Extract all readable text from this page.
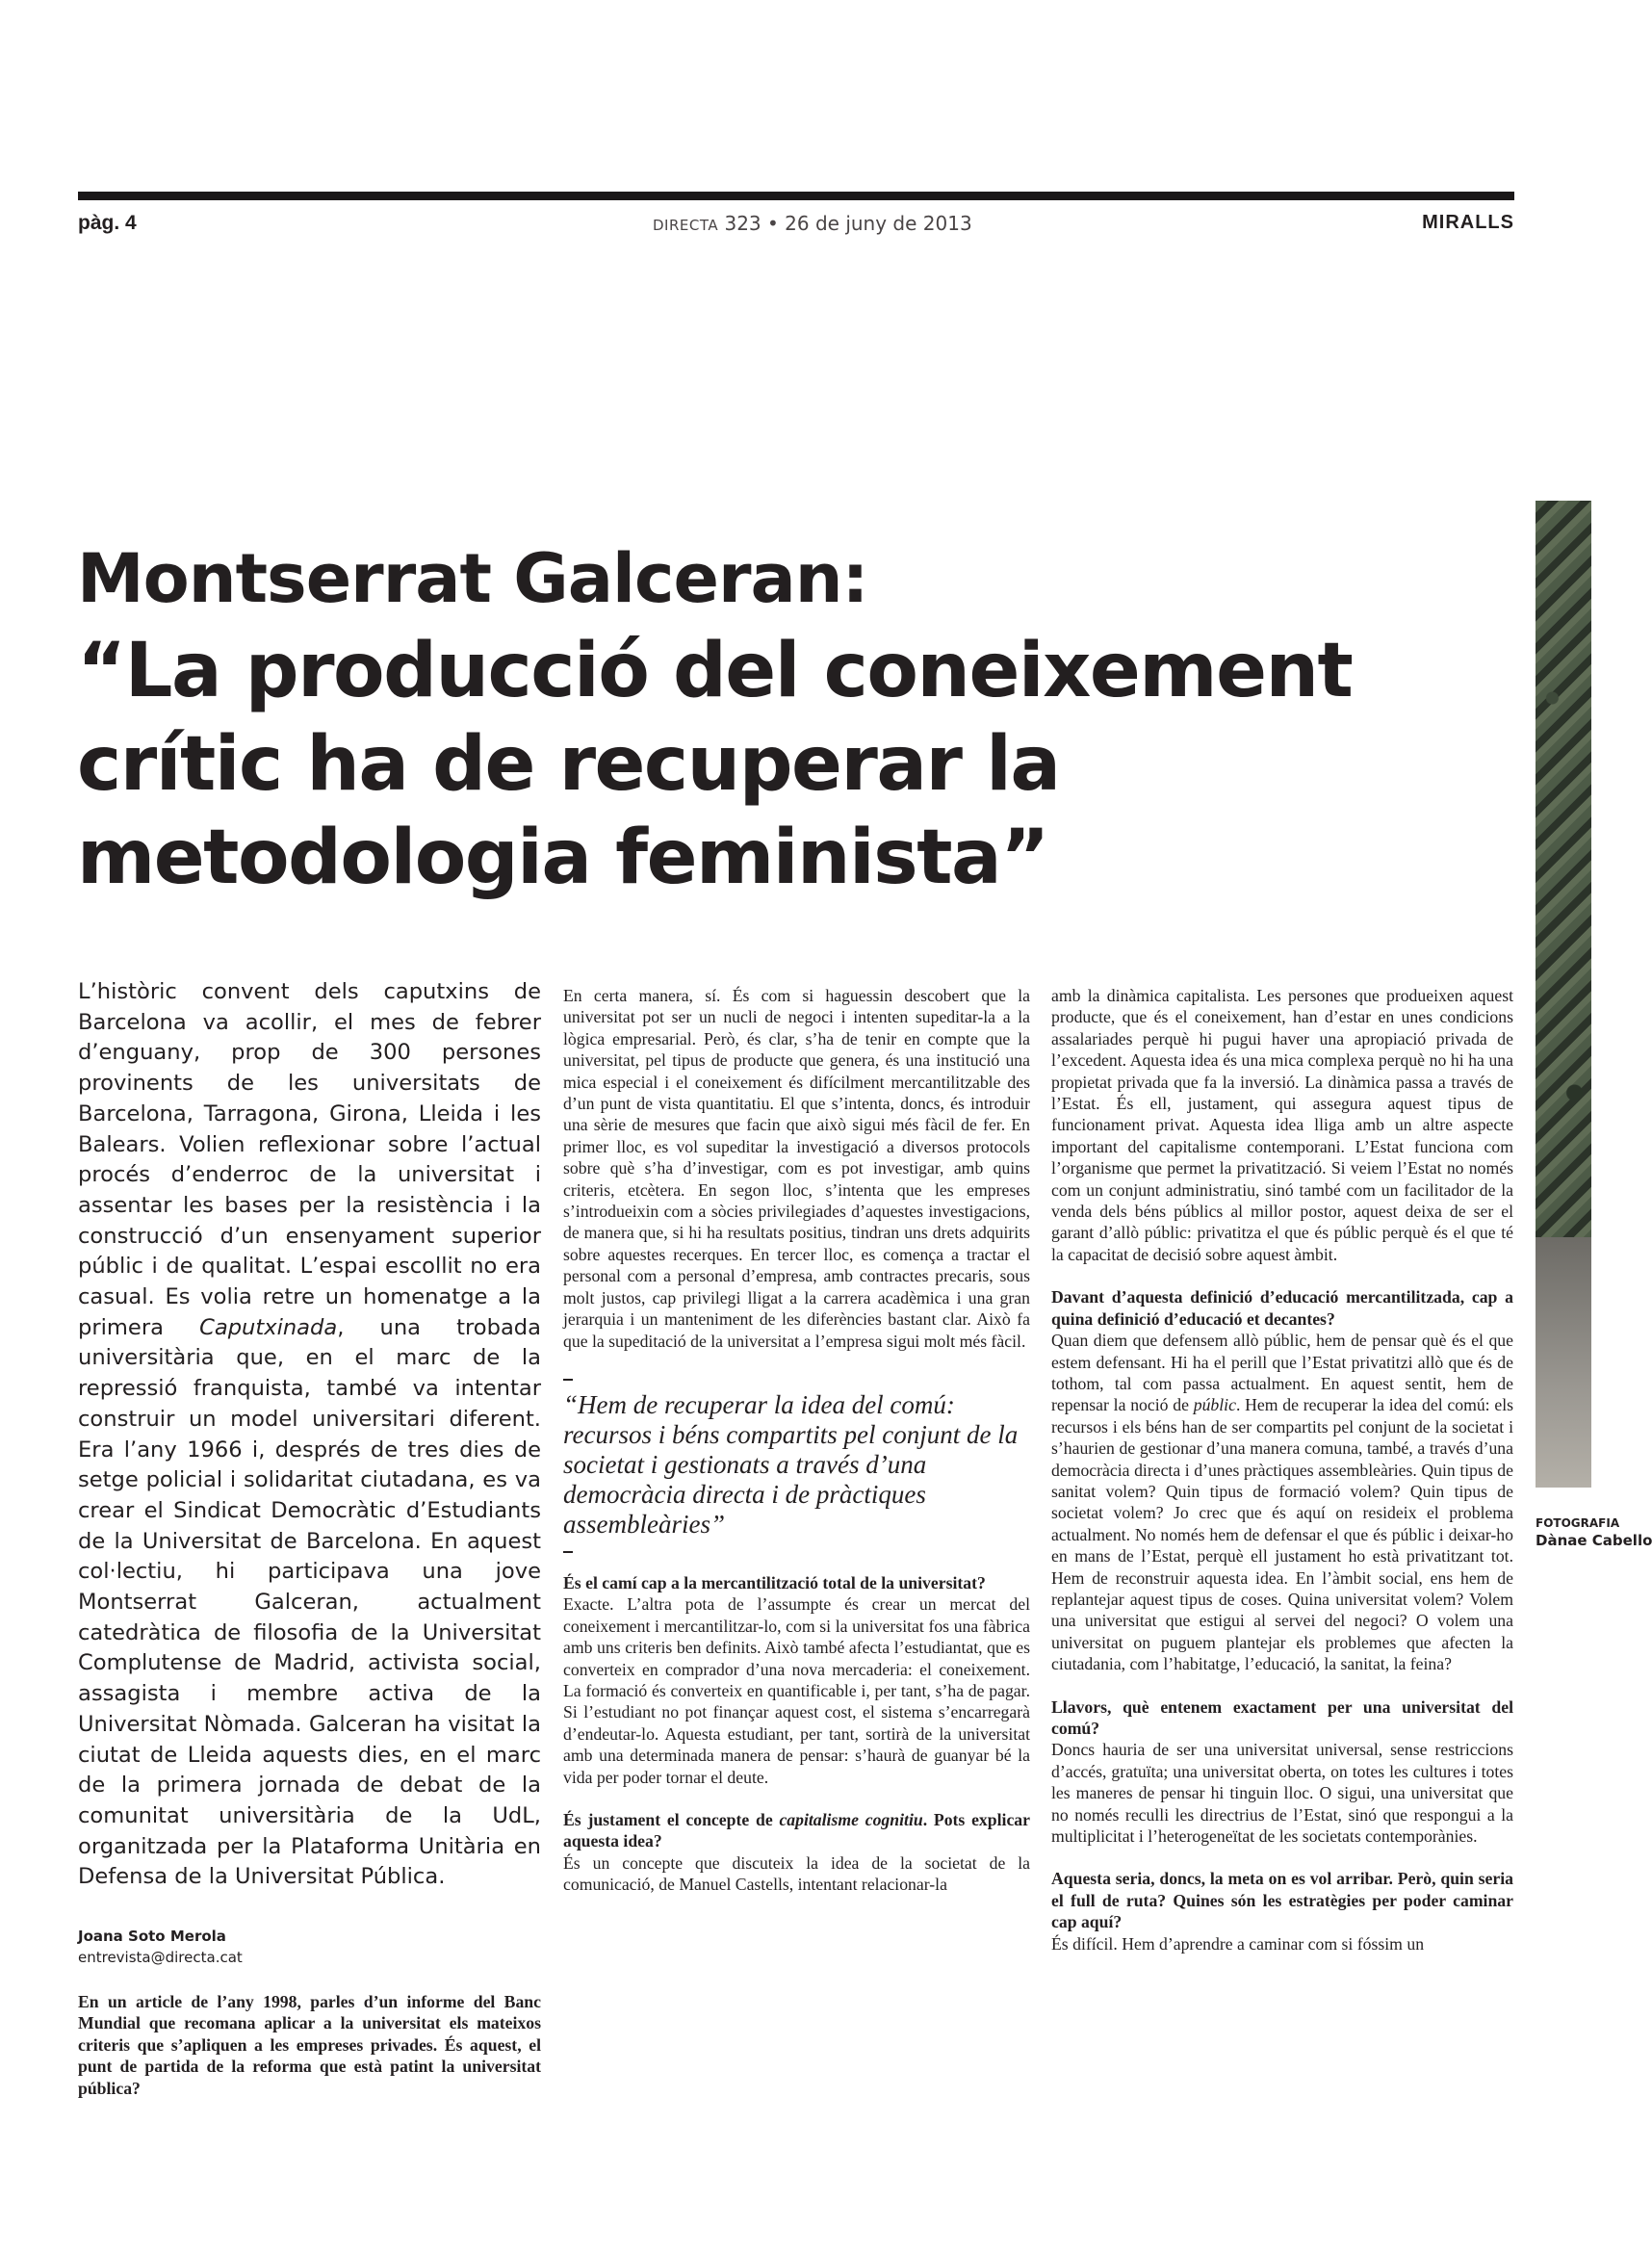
pàg. 4	DIRECTA 323 • 26 de juny de 2013	MIRALLS
Montserrat Galceran:
“La producció del coneixement
crític ha de recuperar la
metodologia feminista”
FOTOGRAFIA
Dànae Cabello

L’històric convent dels caputxins de Barcelona va acollir, el mes de febrer d’enguany, prop de 300 persones provinents de les universitats de Barcelona, Tarragona, Girona, Lleida i les Balears. Volien reflexionar sobre l’actual procés d’enderroc de la universitat i assentar les bases per la resistència i la construcció d’un ensenyament superior públic i de qualitat. L’espai escollit no era casual. Es volia retre un homenatge a la primera Caputxinada, una trobada universitària que, en el marc de la repressió franquista, també va intentar construir un model universitari diferent. Era l’any 1966 i, després de tres dies de setge policial i solidaritat ciutadana, es va crear el Sindicat Democràtic d’Estudiants de la Universitat de Barcelona. En aquest col·lectiu, hi participava una jove Montserrat Galceran, actualment catedràtica de filosofia de la Universitat Complutense de Madrid, activista social, assagista i membre activa de la Universitat Nòmada. Galceran ha visitat la ciutat de Lleida aquests dies, en el marc de la primera jornada de debat de la comunitat universitària de la UdL, organitzada per la Plataforma Unitària en Defensa de la Universitat Pública.

Joana Soto Merola
entrevista@directa.cat

En un article de l’any 1998, parles d’un informe del Banc Mundial que recomana aplicar a la universitat els mateixos criteris que s’apliquen a les empreses privades. És aquest, el punt de partida de la reforma que està patint la universitat pública?

En certa manera, sí. És com si haguessin descobert que la universitat pot ser un nucli de negoci i intenten supeditar-la a la lògica empresarial. Però, és clar, s’ha de tenir en compte que la universitat, pel tipus de producte que genera, és una institució una mica especial i el coneixement és difícilment mercantilitzable des d’un punt de vista quantitatiu. El que s’intenta, doncs, és introduir una sèrie de mesures que facin que això sigui més fàcil de fer. En primer lloc, es vol supeditar la investigació a diversos protocols sobre què s’ha d’investigar, com es pot investigar, amb quins criteris, etcètera. En segon lloc, s’intenta que les empreses s’introdueixin com a sòcies privilegiades d’aquestes investigacions, de manera que, si hi ha resultats positius, tindran uns drets adquirits sobre aquestes recerques. En tercer lloc, es comença a tractar el personal com a personal d’empresa, amb contractes precaris, sous molt justos, cap privilegi lligat a la carrera acadèmica i una gran jerarquia i un manteniment de les diferències bastant clar. Això fa que la supeditació de la universitat a l’empresa sigui molt més fàcil.

“Hem de recuperar la idea del comú: recursos i béns compartits pel conjunt de la societat i gestionats a través d’una democràcia directa i de pràctiques assembleàries”

És el camí cap a la mercantilització total de la universitat?

Exacte. L’altra pota de l’assumpte és crear un mercat del coneixement i mercantilitzar-lo, com si la universitat fos una fàbrica amb uns criteris ben definits. Això també afecta l’estudiantat, que es converteix en comprador d’una nova mercaderia: el coneixement. La formació és converteix en quantificable i, per tant, s’ha de pagar. Si l’estudiant no pot finançar aquest cost, el sistema s’encarregarà d’endeutar-lo. Aquesta estudiant, per tant, sortirà de la universitat amb una determinada manera de pensar: s’haurà de guanyar bé la vida per poder tornar el deute.

És justament el concepte de capitalisme cognitiu. Pots explicar aquesta idea?

És un concepte que discuteix la idea de la societat de la comunicació, de Manuel Castells, intentant relacionar-la

amb la dinàmica capitalista. Les persones que produeixen aquest producte, que és el coneixement, han d’estar en unes condicions assalariades perquè hi pugui haver una apropiació privada de l’excedent. Aquesta idea és una mica complexa perquè no hi ha una propietat privada que fa la inversió. La dinàmica passa a través de l’Estat. És ell, justament, qui assegura aquest tipus de funcionament privat. Aquesta idea lliga amb un altre aspecte important del capitalisme contemporani. L’Estat funciona com l’organisme que permet la privatització. Si veiem l’Estat no només com un conjunt administratiu, sinó també com un facilitador de la venda dels béns públics al millor postor, aquest deixa de ser el garant d’allò públic: privatitza el que és públic perquè és el que té la capacitat de decisió sobre aquest àmbit.

Davant d’aquesta definició d’educació mercantilitzada, cap a quina definició d’educació et decantes?

Quan diem que defensem allò públic, hem de pensar què és el que estem defensant. Hi ha el perill que l’Estat privatitzi allò que és de tothom, tal com passa actualment. En aquest sentit, hem de repensar la noció de públic. Hem de recuperar la idea del comú: els recursos i els béns han de ser compartits pel conjunt de la societat i s’haurien de gestionar d’una manera comuna, també, a través d’una democràcia directa i d’unes pràctiques assembleàries. Quin tipus de sanitat volem? Quin tipus de formació volem? Quin tipus de societat volem? Jo crec que és aquí on resideix el problema actualment. No només hem de defensar el que és públic i deixar-ho en mans de l’Estat, perquè ell justament ho està privatitzant tot. Hem de reconstruir aquesta idea. En l’àmbit social, ens hem de replantejar aquest tipus de coses. Quina universitat volem? Volem una universitat que estigui al servei del negoci? O volem una universitat on puguem plantejar els problemes que afecten la ciutadania, com l’habitatge, l’educació, la sanitat, la feina?

Llavors, què entenem exactament per una universitat del comú?

Doncs hauria de ser una universitat universal, sense restriccions d’accés, gratuïta; una universitat oberta, on totes les cultures i totes les maneres de pensar hi tinguin lloc. O sigui, una universitat que no només reculli les directrius de l’Estat, sinó que respongui a la multiplicitat i l’heterogeneïtat de les societats contemporànies.

Aquesta seria, doncs, la meta on es vol arribar. Però, quin seria el full de ruta? Quines són les estratègies per poder caminar cap aquí?

És difícil. Hem d’aprendre a caminar com si fóssim un
